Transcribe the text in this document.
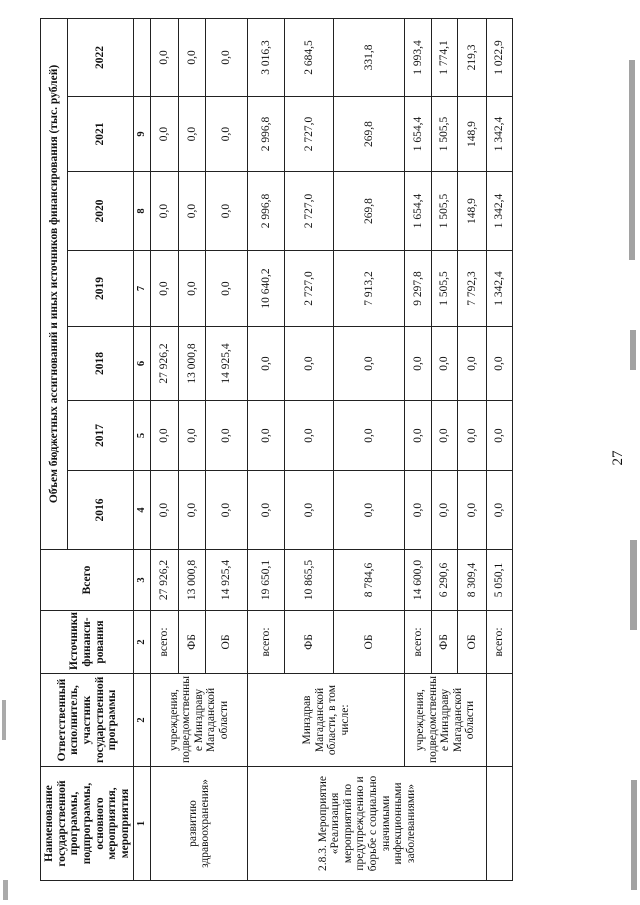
27
Наименование государственной программы, подпрограммы, основного мероприятия, мероприятия	Ответственный исполнитель, участник государственной программы	Источники финанси-рования	Всего	Объем бюджетных ассигнований и иных источников финансирования (тыс. рублей)						
				2016	2017	2018	2019	2020	2021	2022
1	2	2	3	4	5	6	7	8	9	
развитию здравоохранения»	учреждения, подведомственны е Минздраву Магаданской области	всего:	27 926,2	0,0	0,0	27 926,2	0,0	0,0	0,0	0,0
		ФБ	13 000,8	0,0	0,0	13 000,8	0,0	0,0	0,0	0,0
		ОБ	14 925,4	0,0	0,0	14 925,4	0,0	0,0	0,0	0,0
2.8.3. Мероприятие «Реализация мероприятий по предупреждению и борьбе с социально значимыми инфекционными заболеваниями»	Минздрав Магаданской области, в том числе:	всего:	19 650,1	0,0	0,0	0,0	10 640,2	2 996,8	2 996,8	3 016,3
		ФБ	10 865,5	0,0	0,0	0,0	2 727,0	2 727,0	2 727,0	2 684,5
		ОБ	8 784,6	0,0	0,0	0,0	7 913,2	269,8	269,8	331,8
	учреждения, подведомственны е Минздраву Магаданской области	всего:	14 600,0	0,0	0,0	0,0	9 297,8	1 654,4	1 654,4	1 993,4
		ФБ	6 290,6	0,0	0,0	0,0	1 505,5	1 505,5	1 505,5	1 774,1
		ОБ	8 309,4	0,0	0,0	0,0	7 792,3	148,9	148,9	219,3
		всего:	5 050,1	0,0	0,0	0,0	1 342,4	1 342,4	1 342,4	1 022,9
